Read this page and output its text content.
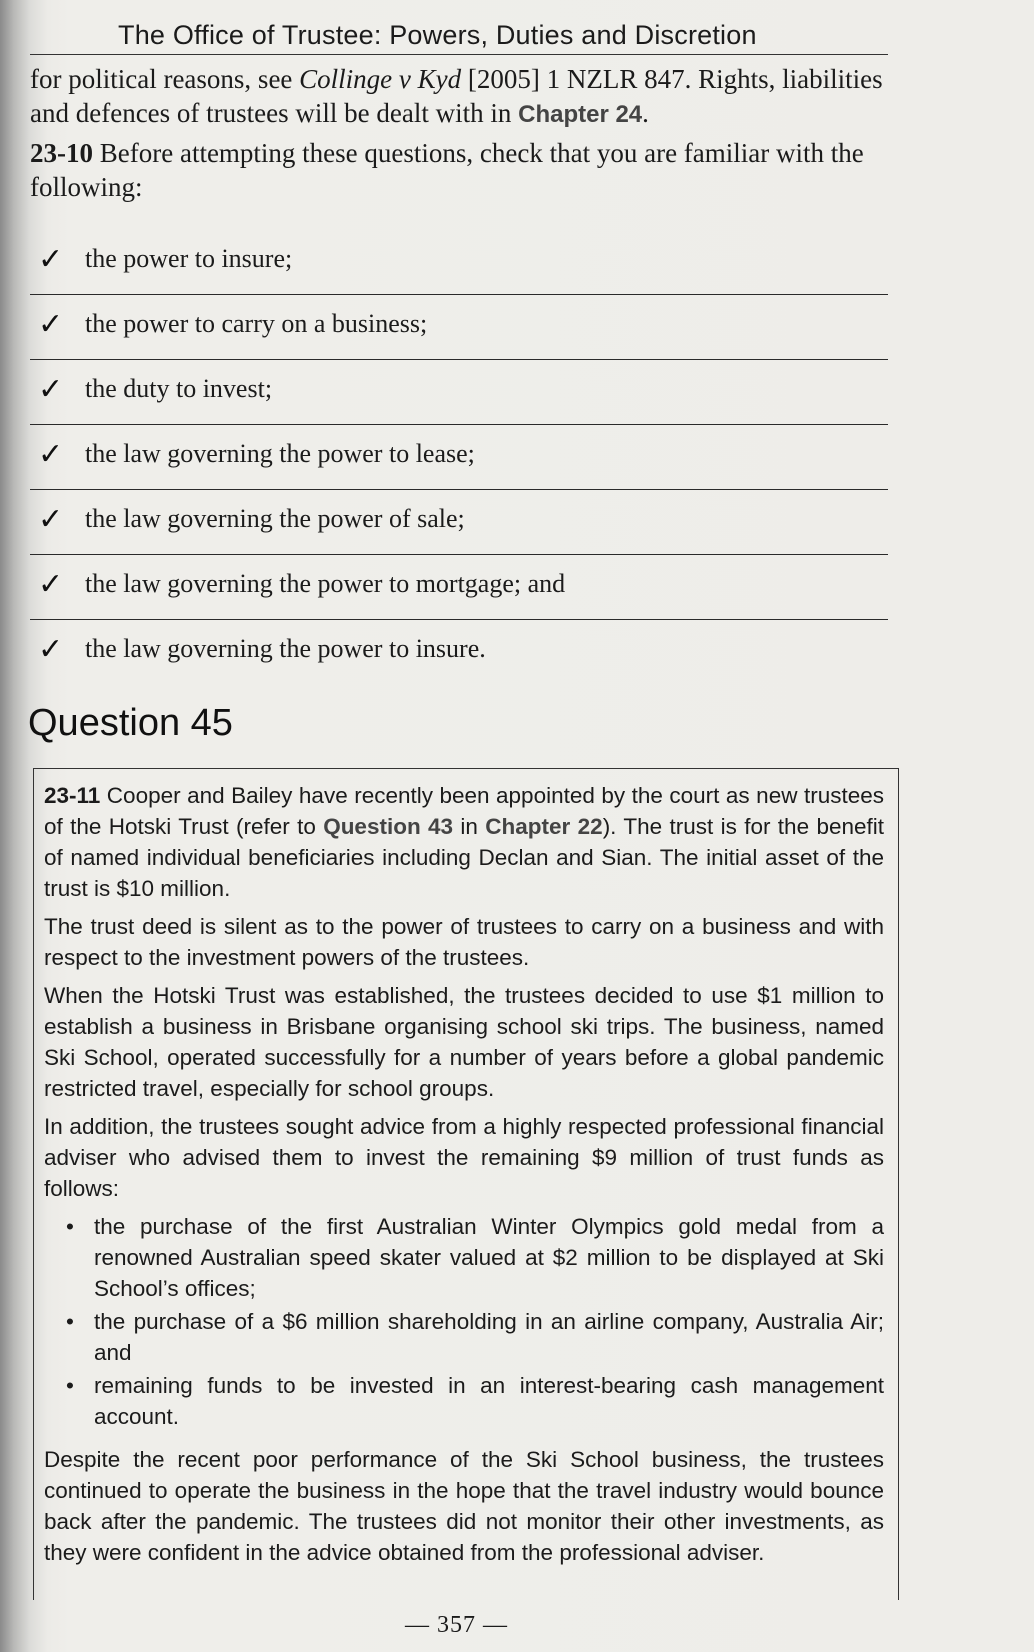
The Office of Trustee: Powers, Duties and Discretion

for political reasons, see Collinge v Kyd [2005] 1 NZLR 847. Rights, liabilities and defences of trustees will be dealt with in Chapter 24.

23-10 Before attempting these questions, check that you are familiar with the following:

✓ the power to insure;
✓ the power to carry on a business;
✓ the duty to invest;
✓ the law governing the power to lease;
✓ the law governing the power of sale;
✓ the law governing the power to mortgage; and
✓ the law governing the power to insure.
Question 45

23-11 Cooper and Bailey have recently been appointed by the court as new trustees of the Hotski Trust (refer to Question 43 in Chapter 22). The trust is for the benefit of named individual beneficiaries including Declan and Sian. The initial asset of the trust is $10 million.

The trust deed is silent as to the power of trustees to carry on a business and with respect to the investment powers of the trustees.

When the Hotski Trust was established, the trustees decided to use $1 million to establish a business in Brisbane organising school ski trips. The business, named Ski School, operated successfully for a number of years before a global pandemic restricted travel, especially for school groups.

In addition, the trustees sought advice from a highly respected professional financial adviser who advised them to invest the remaining $9 million of trust funds as follows:

• the purchase of the first Australian Winter Olympics gold medal from a renowned Australian speed skater valued at $2 million to be displayed at Ski School’s offices;
• the purchase of a $6 million shareholding in an airline company, Australia Air; and
• remaining funds to be invested in an interest-bearing cash management account.

Despite the recent poor performance of the Ski School business, the trustees continued to operate the business in the hope that the travel industry would bounce back after the pandemic. The trustees did not monitor their other investments, as they were confident in the advice obtained from the professional adviser.

— 357 —
